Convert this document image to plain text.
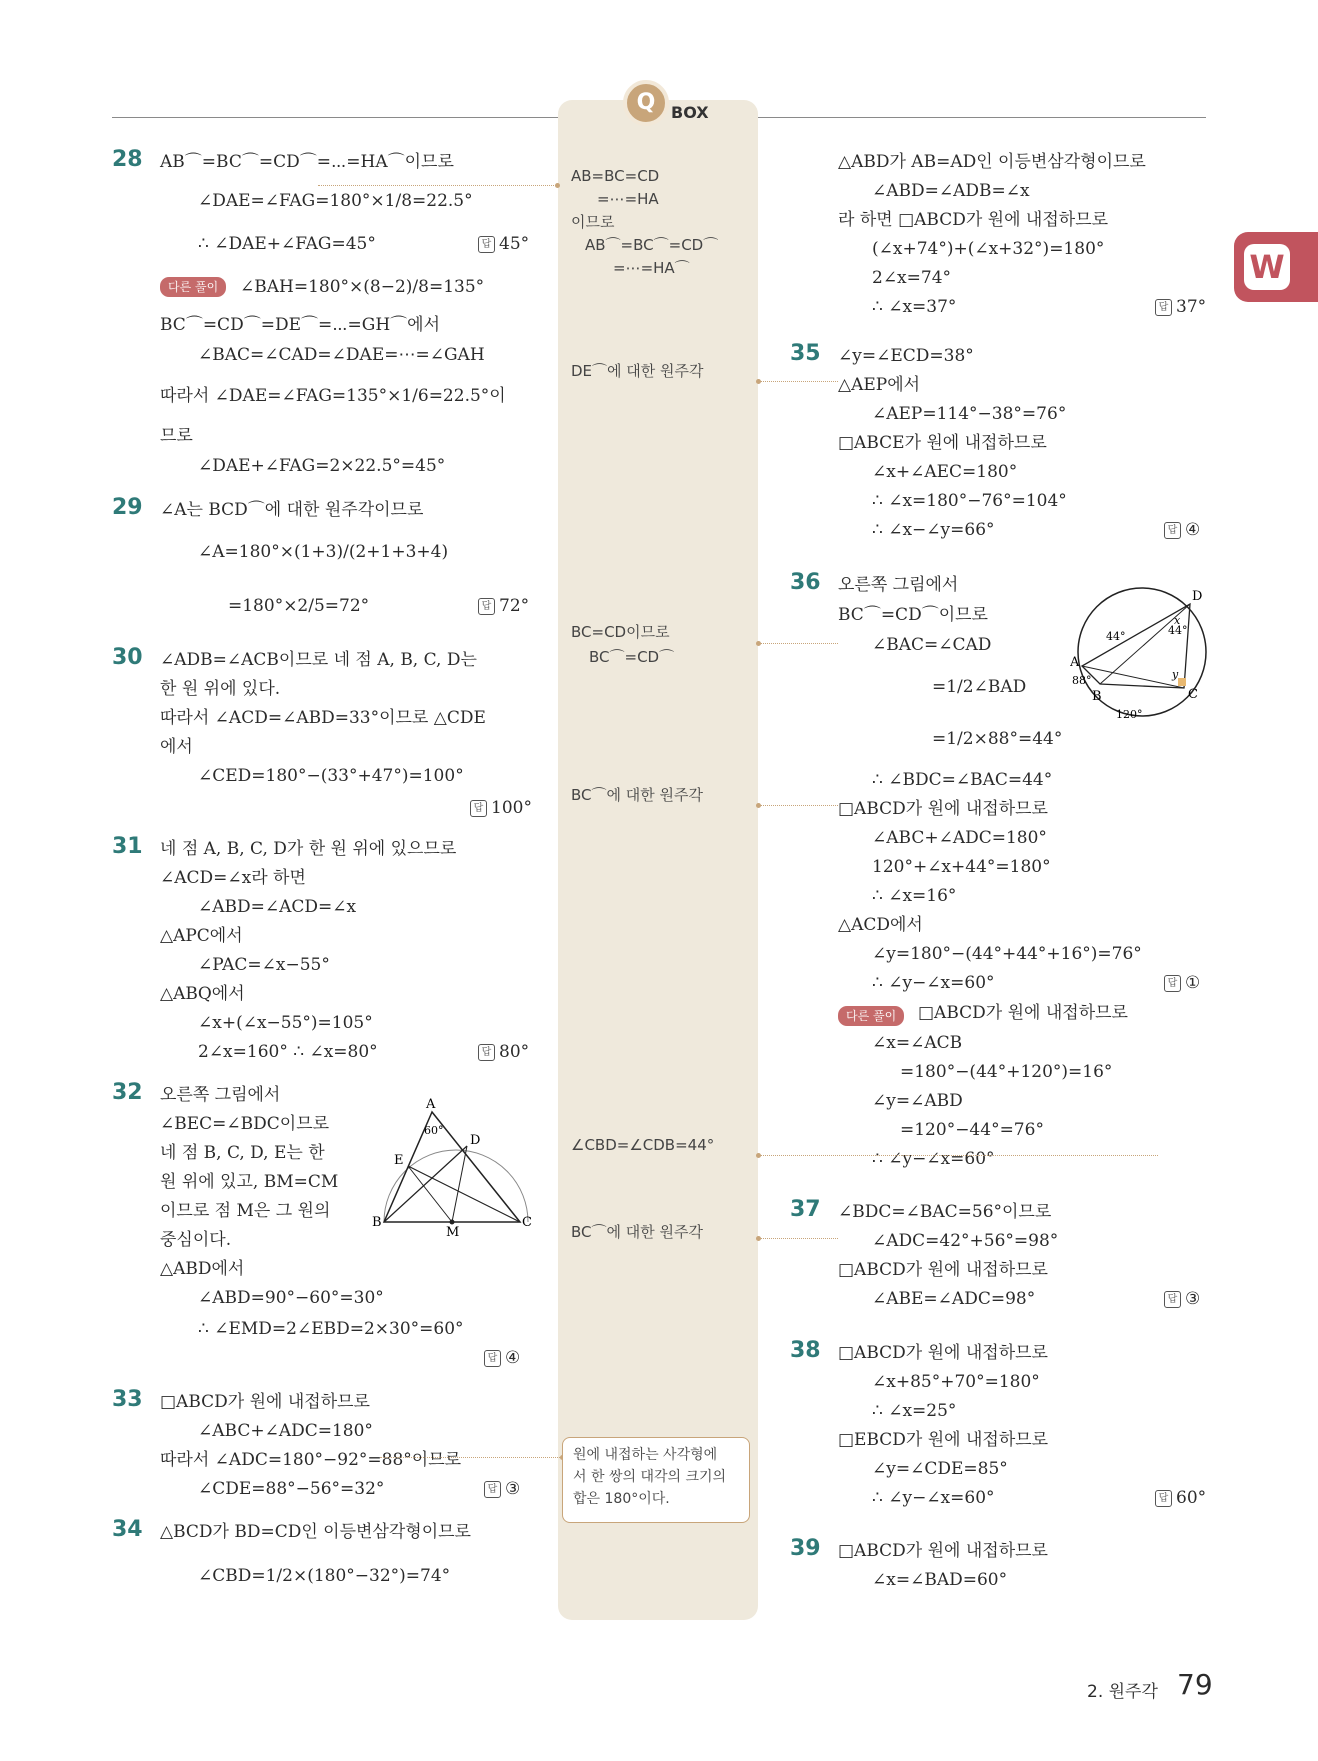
Q BOX
W
AB⌒=BC⌒=CD⌒=⋯=HA⌒이므로
∠DAE=∠FAG=180°×1/8=22.5°
∴ ∠DAE+∠FAG=45°
∠BAH=180°×(8−2)/8=135°
BC⌒=CD⌒=DE⌒=⋯=GH⌒에서
∠BAC=∠CAD=∠DAE=⋯=∠GAH
따라서 ∠DAE=∠FAG=135°×1/6=22.5°이
므로
∠DAE+∠FAG=2×22.5°=45°
∠A는 BCD⌒에 대한 원주각이므로
∠A=180°×(1+3)/(2+1+3+4)
=180°×2/5=72°
∠ADB=∠ACB이므로 네 점 A, B, C, D는
한 원 위에 있다.
따라서 ∠ACD=∠ABD=33°이므로 △CDE
에서
∠CED=180°−(33°+47°)=100°
네 점 A, B, C, D가 한 원 위에 있으므로
∠ACD=∠x라 하면
∠ABD=∠ACD=∠x
△APC에서
∠PAC=∠x−55°
△ABQ에서
∠x+(∠x−55°)=105°
2∠x=160° ∴ ∠x=80°
오른쪽 그림에서
∠BEC=∠BDC이므로
네 점 B, C, D, E는 한
원 위에 있고, BM=CM
이므로 점 M은 그 원의
중심이다.
△ABD에서
∠ABD=90°−60°=30°
∴ ∠EMD=2∠EBD=2×30°=60°
□ABCD가 원에 내접하므로
∠ABC+∠ADC=180°
따라서 ∠ADC=180°−92°=88°이므로
∠CDE=88°−56°=32°
△BCD가 BD=CD인 이등변삼각형이므로
∠CBD=1/2×(180°−32°)=74°
△ABD가 AB=AD인 이등변삼각형이므로
∠ABD=∠ADB=∠x
라 하면 □ABCD가 원에 내접하므로
(∠x+74°)+(∠x+32°)=180°
2∠x=74°
∴ ∠x=37°
∠y=∠ECD=38°
△AEP에서
∠AEP=114°−38°=76°
□ABCE가 원에 내접하므로
∠x+∠AEC=180°
∴ ∠x=180°−76°=104°
∴ ∠x−∠y=66°
오른쪽 그림에서
BC⌒=CD⌒이므로
∠BAC=∠CAD
=1/2∠BAD
=1/2×88°=44°
∴ ∠BDC=∠BAC=44°
□ABCD가 원에 내접하므로
∠ABC+∠ADC=180°
120°+∠x+44°=180°
∴ ∠x=16°
△ACD에서
∠y=180°−(44°+44°+16°)=76°
∴ ∠y−∠x=60°
□ABCD가 원에 내접하므로
∠x=∠ACB
=180°−(44°+120°)=16°
∠y=∠ABD
=120°−44°=76°
∴ ∠y−∠x=60°
∠BDC=∠BAC=56°이므로
∠ADC=42°+56°=98°
□ABCD가 원에 내접하므로
∠ABE=∠ADC=98°
□ABCD가 원에 내접하므로
∠x+85°+70°=180°
∴ ∠x=25°
□EBCD가 원에 내접하므로
∠y=∠CDE=85°
∴ ∠y−∠x=60°
□ABCD가 원에 내접하므로
∠x=∠BAD=60°
28
29
30
31
32
33
34
35
36
37
38
39
답 45°
답 72°
답 100°
답 80°
답 ④
답 ③
답 37°
답 ④
답 ①
답 ③
답 60°
다른 풀이
다른 풀이
AB=BC=CD
=⋯=HA
이므로
AB⌒=BC⌒=CD⌒
=⋯=HA⌒
DE⌒에 대한 원주각
BC=CD이므로
BC⌒=CD⌒
BC⌒에 대한 원주각
∠CBD=∠CDB=44°
BC⌒에 대한 원주각
원에 내접하는 사각형에
서 한 쌍의 대각의 크기의
합은 180°이다.
A
B	C
D
E
M
60°
D
A
B	C
44°	44°
88°
120°
x
y
2. 원주각 79
